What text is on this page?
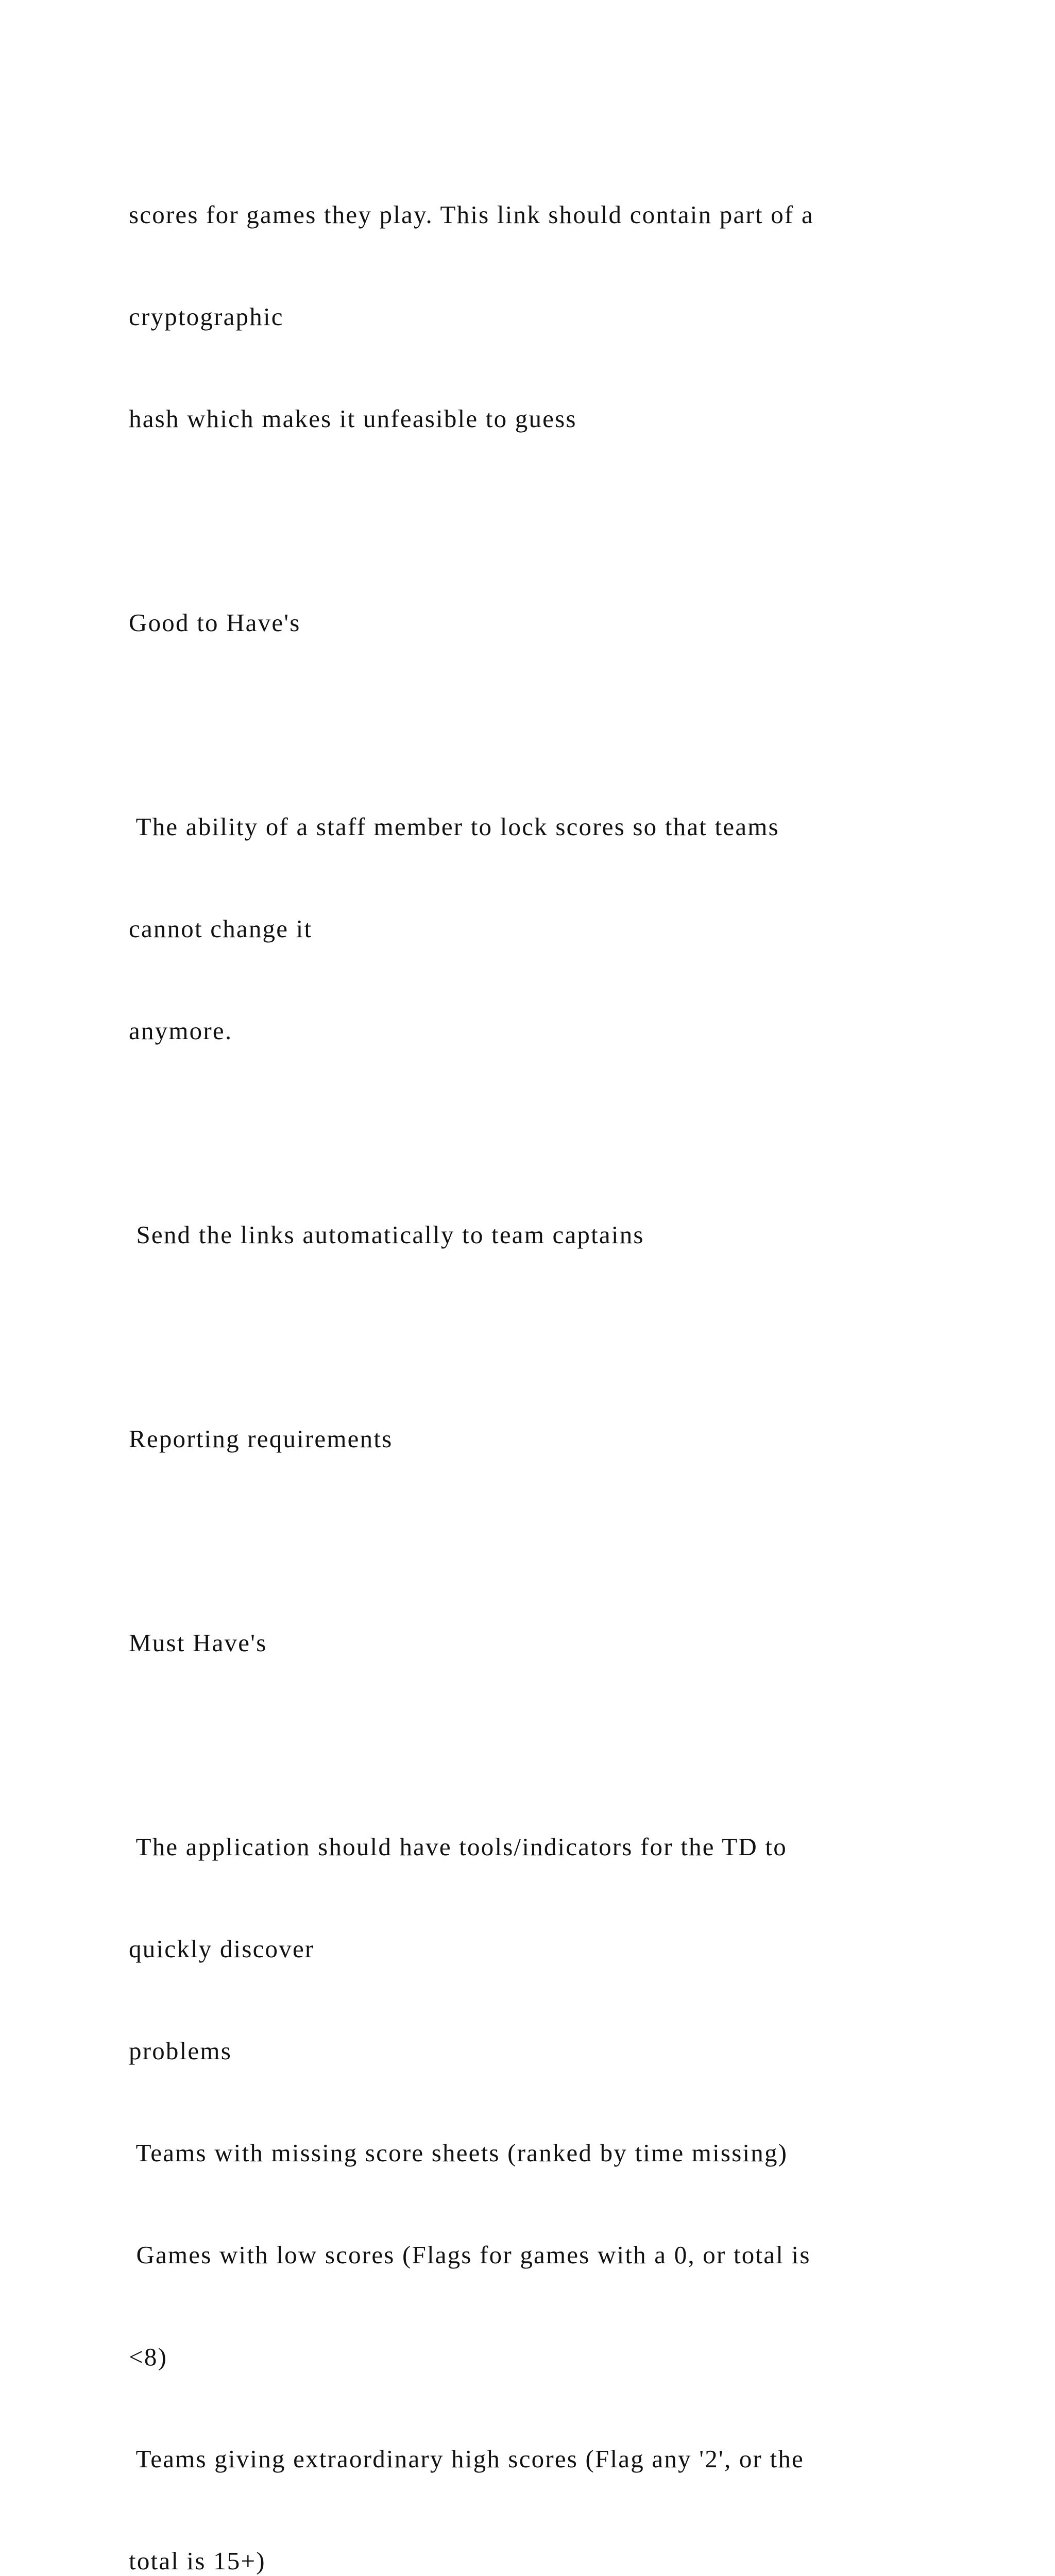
scores for games they play. This link should contain part of a

cryptographic

hash which makes it unfeasible to guess

Good to Have's

The ability of a staff member to lock scores so that teams

cannot change it

anymore.

Send the links automatically to team captains

Reporting requirements

Must Have's

The application should have tools/indicators for the TD to

quickly discover

problems

Teams with missing score sheets (ranked by time missing)

Games with low scores (Flags for games with a 0, or total is

<8)

Teams giving extraordinary high scores (Flag any '2', or the

total is 15+)
